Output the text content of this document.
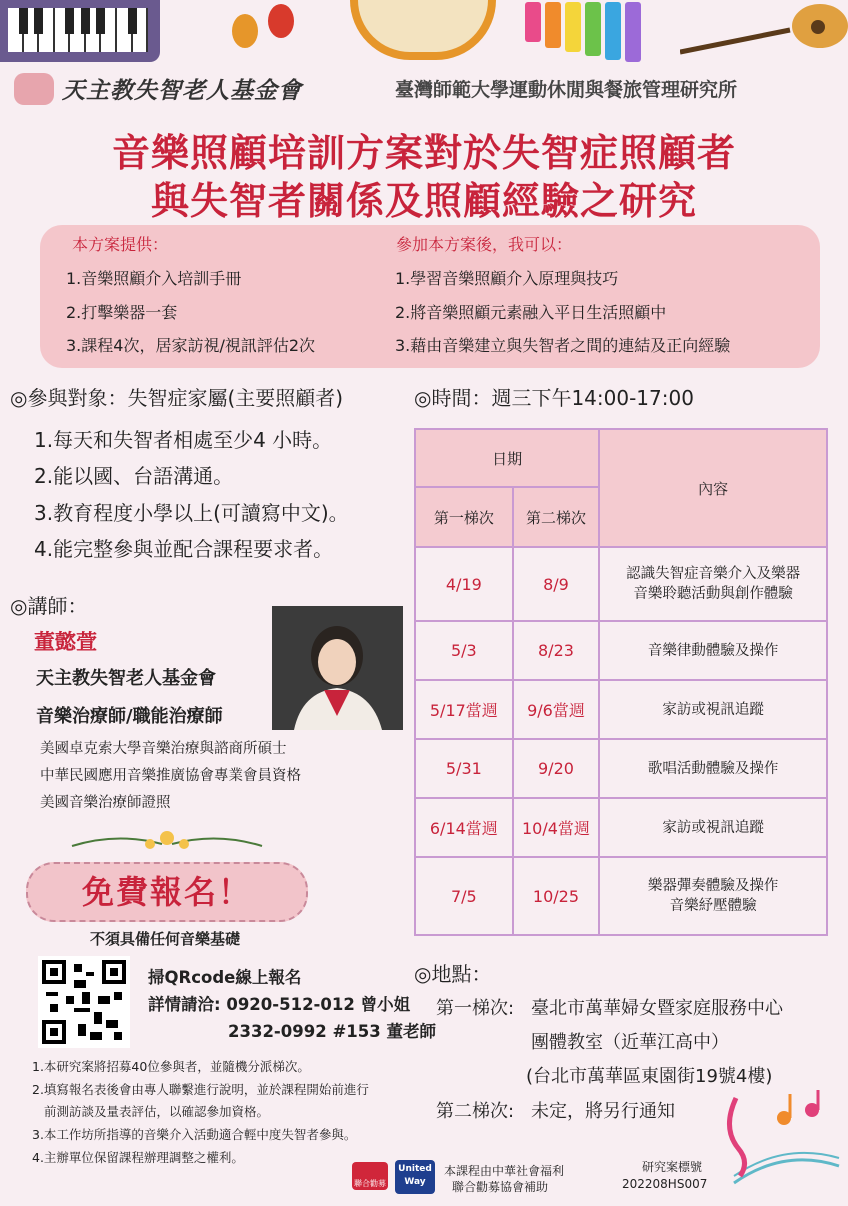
天主教失智老人基金會	臺灣師範大學運動休閒與餐旅管理研究所
音樂照顧培訓方案對於失智症照顧者
與失智者關係及照顧經驗之研究
本方案提供：
1.音樂照顧介入培訓手冊
2.打擊樂器一套
3.課程4次，居家訪視/視訊評估2次
參加本方案後，我可以：
1.學習音樂照顧介入原理與技巧
2.將音樂照顧元素融入平日生活照顧中
3.藉由音樂建立與失智者之間的連結及正向經驗
◎參與對象：失智症家屬(主要照顧者)	◎時間：週三下午14:00-17:00
1.每天和失智者相處至少4 小時。
2.能以國、台語溝通。
3.教育程度小學以上(可讀寫中文)。
4.能完整參與並配合課程要求者。
日期		內容
第一梯次	第二梯次	
4/19	8/9	認識失智症音樂介入及樂器
音樂聆聽活動與創作體驗
5/3	8/23	音樂律動體驗及操作
5/17當週	9/6當週	家訪或視訊追蹤
5/31	9/20	歌唱活動體驗及操作
6/14當週	10/4當週	家訪或視訊追蹤
7/5	10/25	樂器彈奏體驗及操作
音樂紓壓體驗
◎講師：
董懿萱
天主教失智老人基金會
音樂治療師/職能治療師
美國卓克索大學音樂治療與諮商所碩士
中華民國應用音樂推廣協會專業會員資格
美國音樂治療師證照
免費報名！
不須具備任何音樂基礎
掃QRcode線上報名
詳情請洽: 0920-512-012 曾小姐
2332-0992 #153 董老師
1.本研究案將招募40位參與者，並隨機分派梯次。
2.填寫報名表後會由專人聯繫進行說明，並於課程開始前進行
前測訪談及量表評估，以確認參加資格。
3.本工作坊所指導的音樂介入活動適合輕中度失智者參與。
4.主辦單位保留課程辦理調整之權利。
◎地點：
第一梯次: 臺北市萬華婦女暨家庭服務中心
團體教室（近華江高中）
(台北市萬華區東園街19號4樓)
第二梯次: 未定，將另行通知
聯合勸募
United
Way
本課程由中華社會福利
聯合勸募協會補助
研究案標號
202208HS007
